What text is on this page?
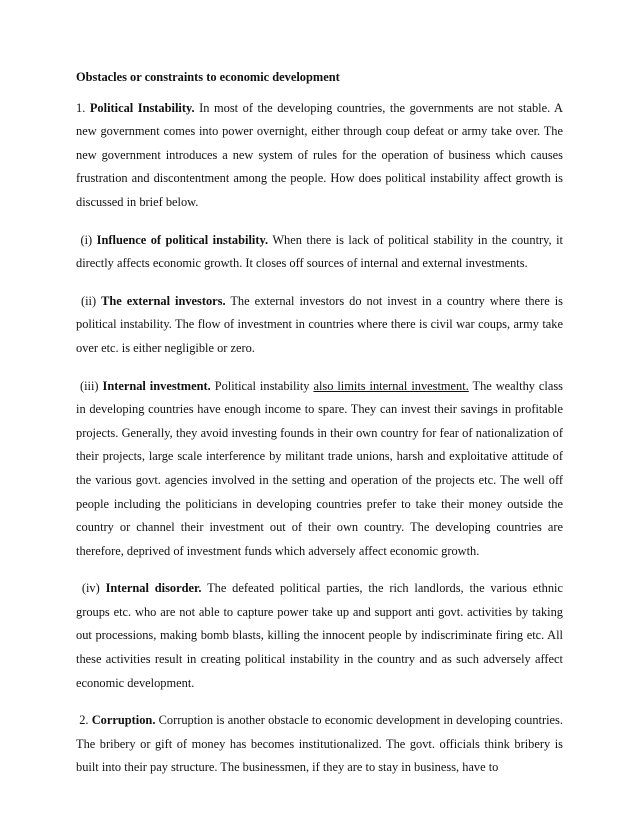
Obstacles or constraints to economic development
1. Political Instability. In most of the developing countries, the governments are not stable. A new government comes into power overnight, either through coup defeat or army take over. The new government introduces a new system of rules for the operation of business which causes frustration and discontentment among the people. How does political instability affect growth is discussed in brief below.
(i) Influence of political instability. When there is lack of political stability in the country, it directly affects economic growth. It closes off sources of internal and external investments.
(ii) The external investors. The external investors do not invest in a country where there is political instability. The flow of investment in countries where there is civil war coups, army take over etc. is either negligible or zero.
(iii) Internal investment. Political instability also limits internal investment. The wealthy class in developing countries have enough income to spare. They can invest their savings in profitable projects. Generally, they avoid investing founds in their own country for fear of nationalization of their projects, large scale interference by militant trade unions, harsh and exploitative attitude of the various govt. agencies involved in the setting and operation of the projects etc. The well off people including the politicians in developing countries prefer to take their money outside the country or channel their investment out of their own country. The developing countries are therefore, deprived of investment funds which adversely affect economic growth.
(iv) Internal disorder. The defeated political parties, the rich landlords, the various ethnic groups etc. who are not able to capture power take up and support anti govt. activities by taking out processions, making bomb blasts, killing the innocent people by indiscriminate firing etc. All these activities result in creating political instability in the country and as such adversely affect economic development.
2. Corruption. Corruption is another obstacle to economic development in developing countries. The bribery or gift of money has becomes institutionalized. The govt. officials think bribery is built into their pay structure. The businessmen, if they are to stay in business, have to
